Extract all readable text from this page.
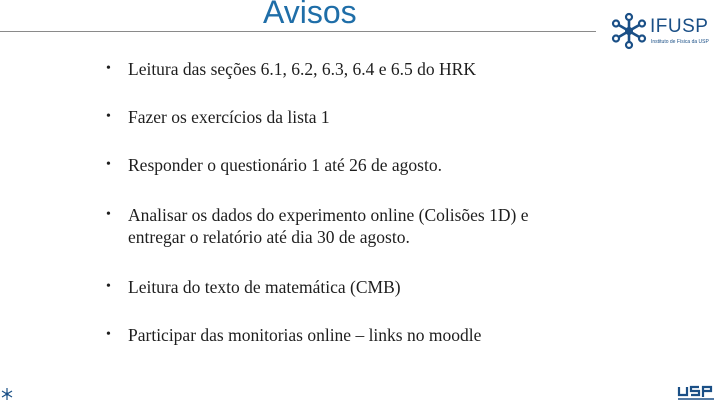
Avisos	IFUSP
Instituto de Física da USP
• Leitura das seções 6.1, 6.2, 6.3, 6.4 e 6.5 do HRK
• Fazer os exercícios da lista 1
• Responder o questionário 1 até 26 de agosto.
• Analisar os dados do experimento online (Colisões 1D) e entregar o relatório até dia 30 de agosto.
• Leitura do texto de matemática (CMB)
• Participar das monitorias online – links no moodle
